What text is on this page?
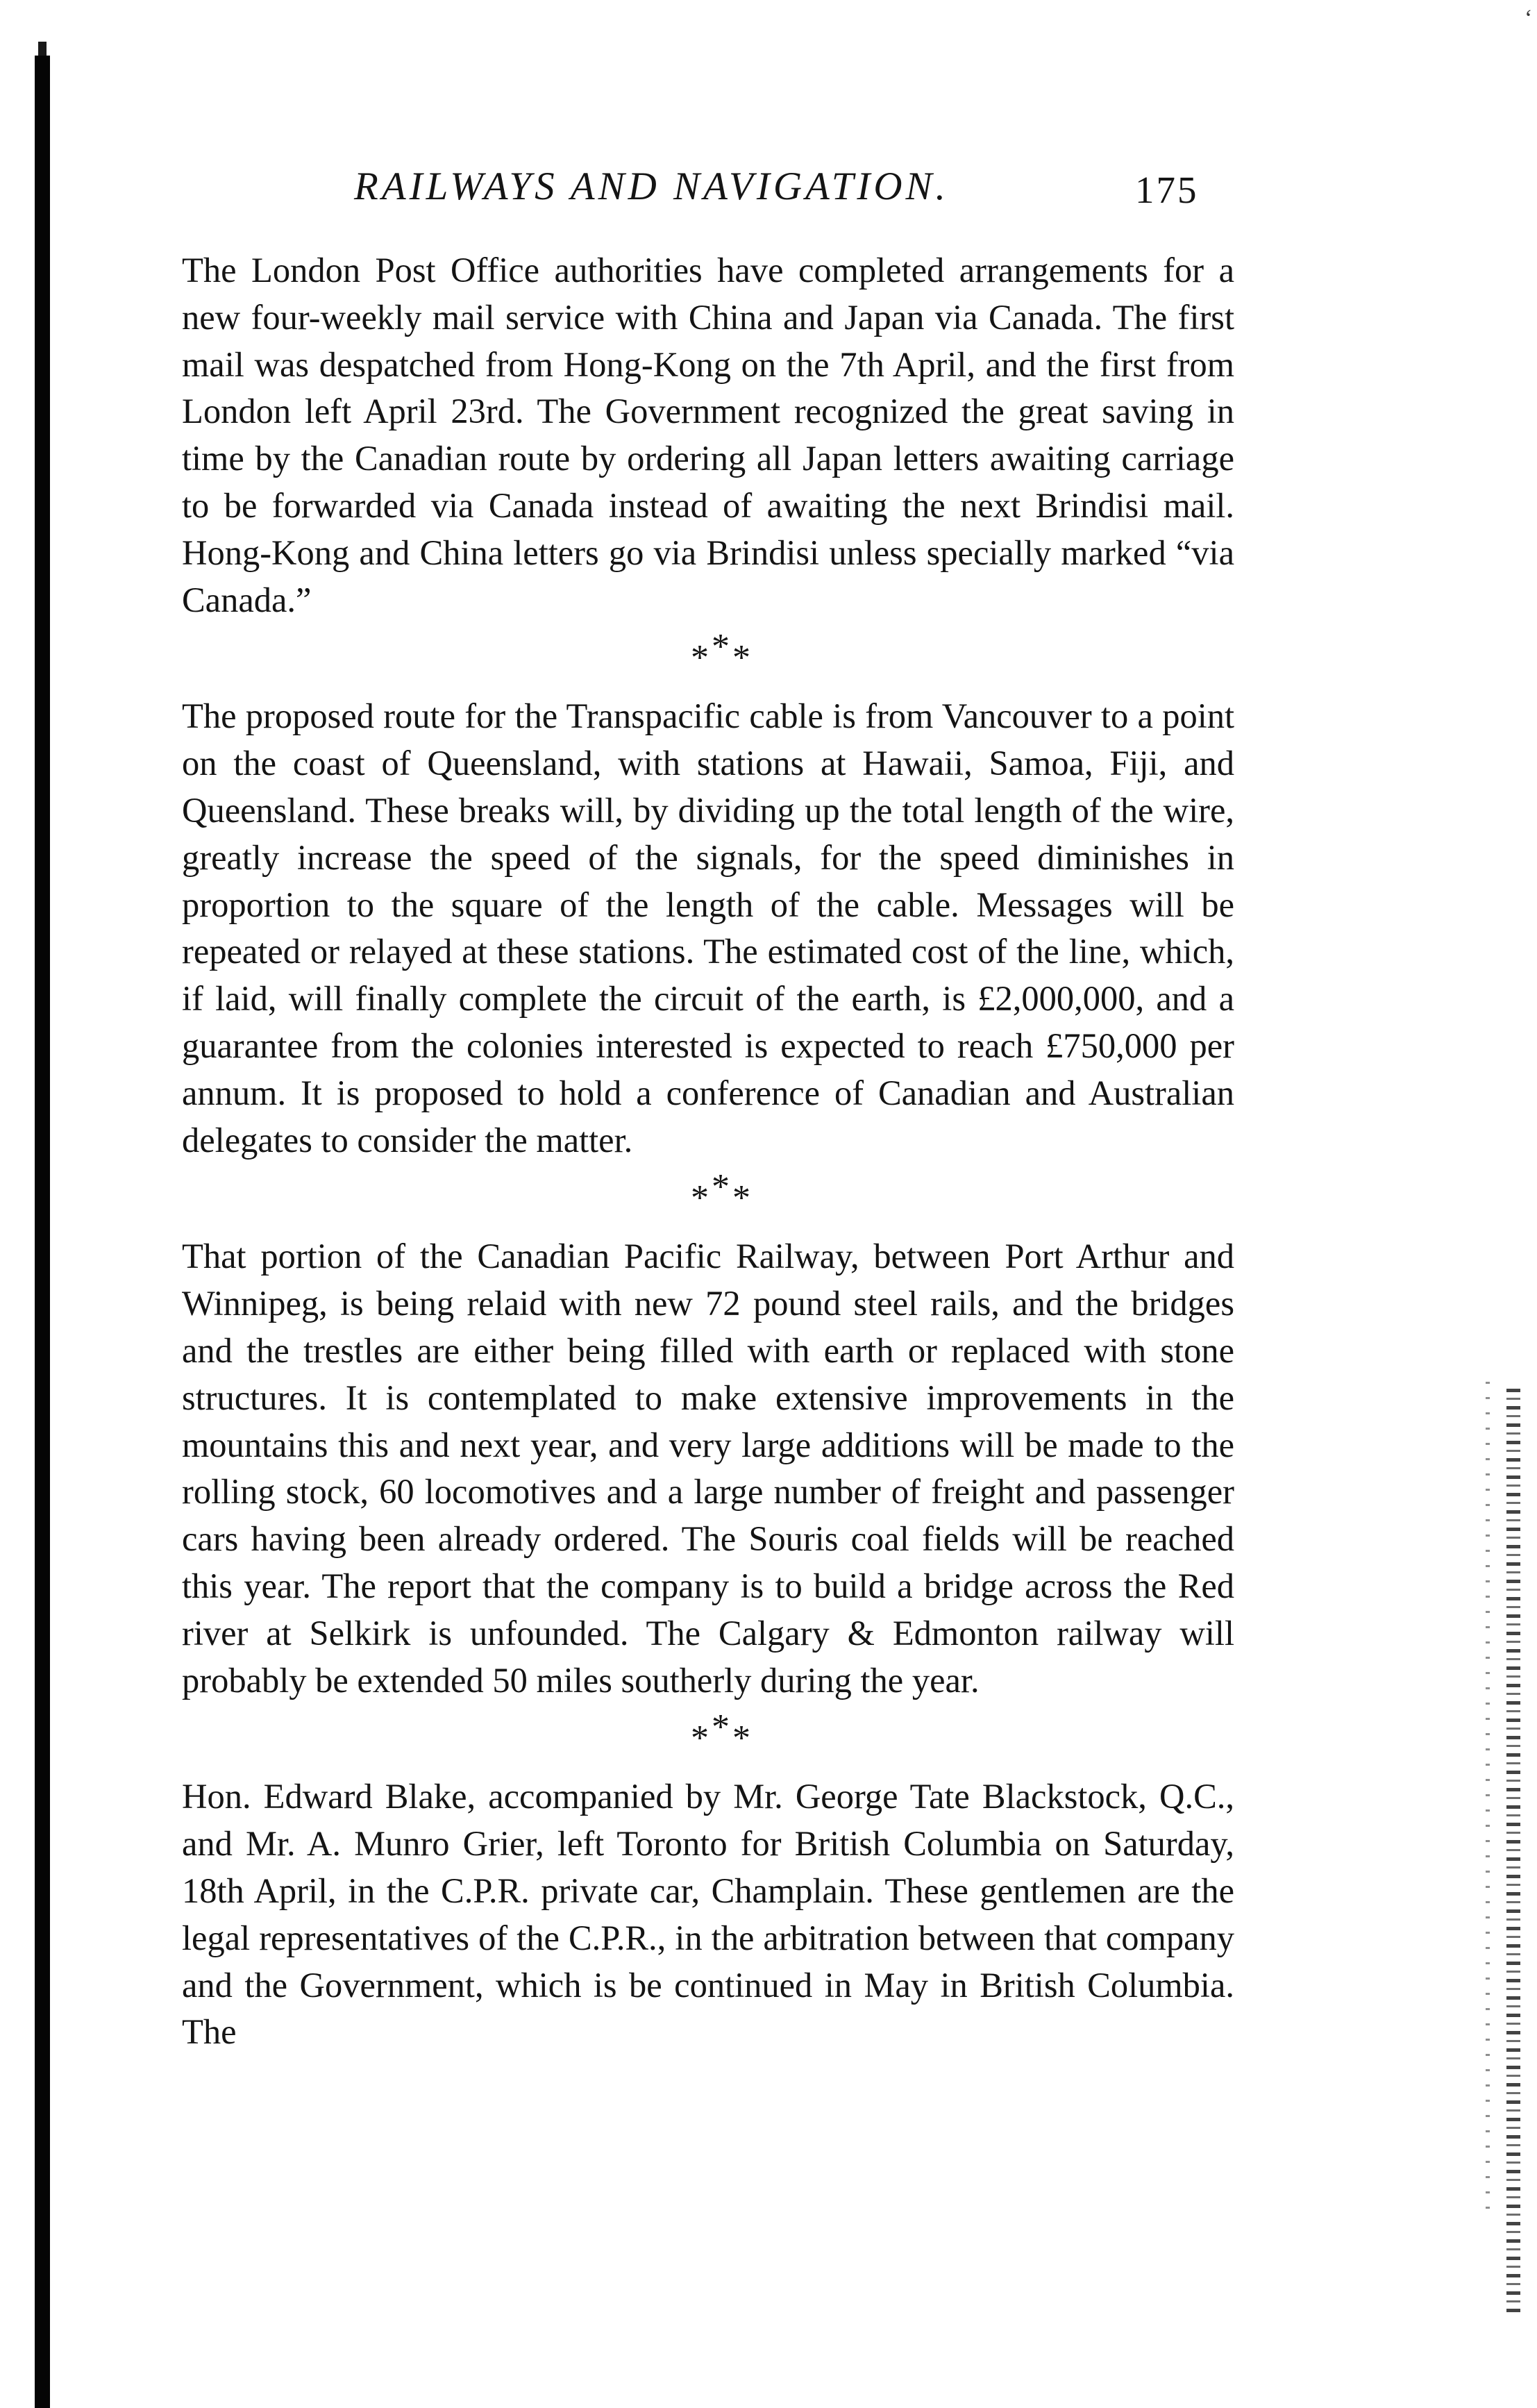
‘
RAILWAYS AND NAVIGATION.	175

The London Post Office authorities have completed arrangements for a new four-weekly mail service with China and Japan via Canada. The first mail was despatched from Hong-Kong on the 7th April, and the first from London left April 23rd. The Government recognized the great saving in time by the Canadian route by ordering all Japan letters awaiting carriage to be forwarded via Canada instead of awaiting the next Brindisi mail. Hong-Kong and China letters go via Brindisi unless specially marked “via Canada.”

***

The proposed route for the Transpacific cable is from Vancouver to a point on the coast of Queensland, with stations at Hawaii, Samoa, Fiji, and Queensland. These breaks will, by dividing up the total length of the wire, greatly increase the speed of the signals, for the speed diminishes in proportion to the square of the length of the cable. Messages will be repeated or relayed at these stations. The estimated cost of the line, which, if laid, will finally complete the circuit of the earth, is £2,000,000, and a guarantee from the colonies interested is expected to reach £750,000 per annum. It is proposed to hold a conference of Canadian and Australian delegates to consider the matter.

***

That portion of the Canadian Pacific Railway, between Port Arthur and Winnipeg, is being relaid with new 72 pound steel rails, and the bridges and the trestles are either being filled with earth or replaced with stone structures. It is contemplated to make extensive improvements in the mountains this and next year, and very large additions will be made to the rolling stock, 60 locomotives and a large number of freight and passenger cars having been already ordered. The Souris coal fields will be reached this year. The report that the company is to build a bridge across the Red river at Selkirk is unfounded. The Calgary & Edmonton railway will probably be extended 50 miles southerly during the year.

***

Hon. Edward Blake, accompanied by Mr. George Tate Blackstock, Q.C., and Mr. A. Munro Grier, left Toronto for British Columbia on Saturday, 18th April, in the C.P.R. private car, Champlain. These gentlemen are the legal representatives of the C.P.R., in the arbitration between that company and the Government, which is be continued in May in British Columbia. The
